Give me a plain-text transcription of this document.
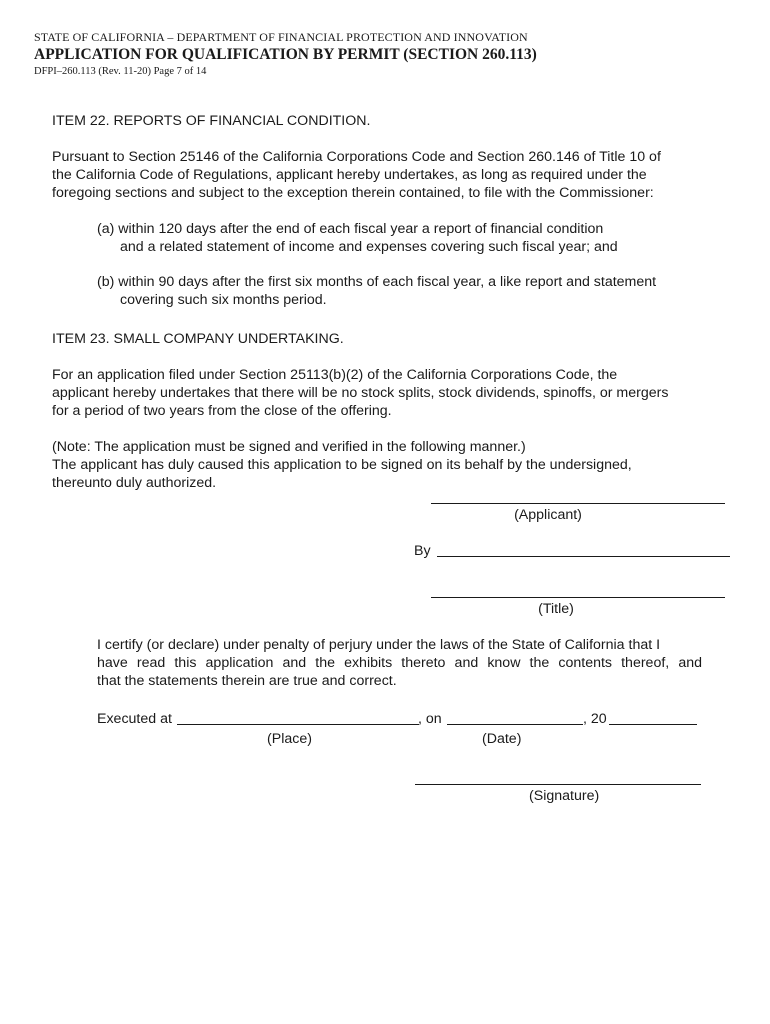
STATE OF CALIFORNIA – DEPARTMENT OF FINANCIAL PROTECTION AND INNOVATION
APPLICATION FOR QUALIFICATION BY PERMIT (SECTION 260.113)
DFPI–260.113 (Rev. 11-20) Page 7 of 14
ITEM 22. REPORTS OF FINANCIAL CONDITION.
Pursuant to Section 25146 of the California Corporations Code and Section 260.146 of Title 10 of
the California Code of Regulations, applicant hereby undertakes, as long as required under the
foregoing sections and subject to the exception therein contained, to file with the Commissioner:
(a) within 120 days after the end of each fiscal year a report of financial condition
and a related statement of income and expenses covering such fiscal year; and
(b) within 90 days after the first six months of each fiscal year, a like report and statement
covering such six months period.
ITEM 23. SMALL COMPANY UNDERTAKING.
For an application filed under Section 25113(b)(2) of the California Corporations Code, the
applicant hereby undertakes that there will be no stock splits, stock dividends, spinoffs, or mergers
for a period of two years from the close of the offering.
(Note: The application must be signed and verified in the following manner.)
The applicant has duly caused this application to be signed on its behalf by the undersigned,
thereunto duly authorized.
(Applicant)
By
(Title)
I certify (or declare) under penalty of perjury under the laws of the State of California that I
have read this application and the exhibits thereto and know the contents thereof, and
that the statements therein are true and correct.
Executed at	, on	, 20
(Place)	(Date)
(Signature)
